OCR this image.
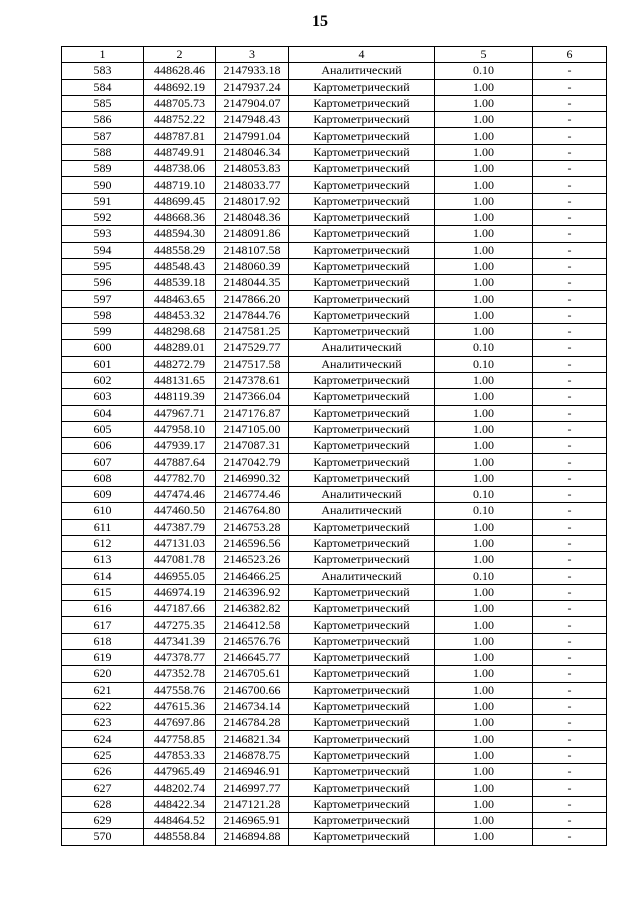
15
1	2	3	4	5	6
583	448628.46	2147933.18	Аналитический	0.10	-
584	448692.19	2147937.24	Картометрический	1.00	-
585	448705.73	2147904.07	Картометрический	1.00	-
586	448752.22	2147948.43	Картометрический	1.00	-
587	448787.81	2147991.04	Картометрический	1.00	-
588	448749.91	2148046.34	Картометрический	1.00	-
589	448738.06	2148053.83	Картометрический	1.00	-
590	448719.10	2148033.77	Картометрический	1.00	-
591	448699.45	2148017.92	Картометрический	1.00	-
592	448668.36	2148048.36	Картометрический	1.00	-
593	448594.30	2148091.86	Картометрический	1.00	-
594	448558.29	2148107.58	Картометрический	1.00	-
595	448548.43	2148060.39	Картометрический	1.00	-
596	448539.18	2148044.35	Картометрический	1.00	-
597	448463.65	2147866.20	Картометрический	1.00	-
598	448453.32	2147844.76	Картометрический	1.00	-
599	448298.68	2147581.25	Картометрический	1.00	-
600	448289.01	2147529.77	Аналитический	0.10	-
601	448272.79	2147517.58	Аналитический	0.10	-
602	448131.65	2147378.61	Картометрический	1.00	-
603	448119.39	2147366.04	Картометрический	1.00	-
604	447967.71	2147176.87	Картометрический	1.00	-
605	447958.10	2147105.00	Картометрический	1.00	-
606	447939.17	2147087.31	Картометрический	1.00	-
607	447887.64	2147042.79	Картометрический	1.00	-
608	447782.70	2146990.32	Картометрический	1.00	-
609	447474.46	2146774.46	Аналитический	0.10	-
610	447460.50	2146764.80	Аналитический	0.10	-
611	447387.79	2146753.28	Картометрический	1.00	-
612	447131.03	2146596.56	Картометрический	1.00	-
613	447081.78	2146523.26	Картометрический	1.00	-
614	446955.05	2146466.25	Аналитический	0.10	-
615	446974.19	2146396.92	Картометрический	1.00	-
616	447187.66	2146382.82	Картометрический	1.00	-
617	447275.35	2146412.58	Картометрический	1.00	-
618	447341.39	2146576.76	Картометрический	1.00	-
619	447378.77	2146645.77	Картометрический	1.00	-
620	447352.78	2146705.61	Картометрический	1.00	-
621	447558.76	2146700.66	Картометрический	1.00	-
622	447615.36	2146734.14	Картометрический	1.00	-
623	447697.86	2146784.28	Картометрический	1.00	-
624	447758.85	2146821.34	Картометрический	1.00	-
625	447853.33	2146878.75	Картометрический	1.00	-
626	447965.49	2146946.91	Картометрический	1.00	-
627	448202.74	2146997.77	Картометрический	1.00	-
628	448422.34	2147121.28	Картометрический	1.00	-
629	448464.52	2146965.91	Картометрический	1.00	-
570	448558.84	2146894.88	Картометрический	1.00	-
